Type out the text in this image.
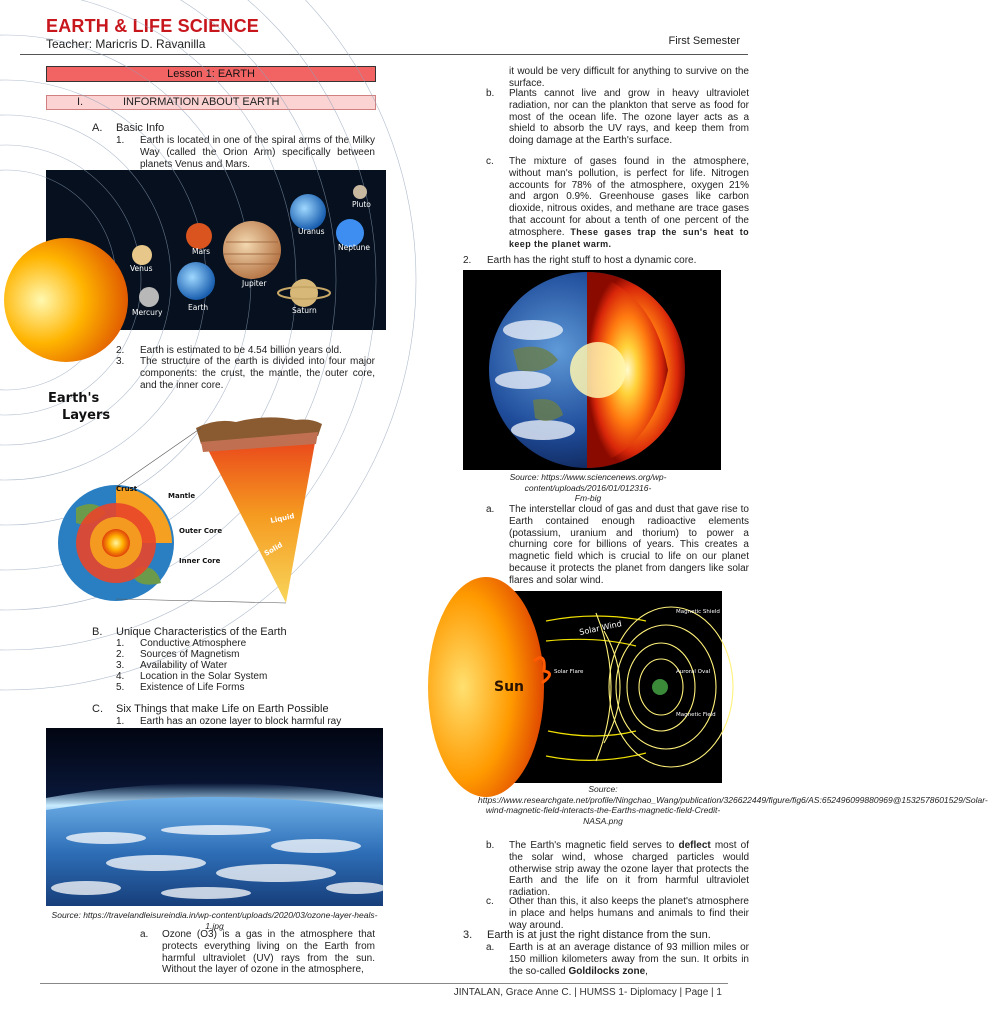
EARTH & LIFE SCIENCE
Teacher: Maricris D. Ravanilla	First Semester
Lesson 1: EARTH
I.	INFORMATION ABOUT EARTH
A. Basic Info
1. Earth is located in one of the spiral arms of the Milky Way (called the Orion Arm) specifically between planets Venus and Mars.
Pluto
Uranus
Neptune
Mars
Venus
Jupiter
Earth
Mercury	Saturn
2. Earth is estimated to be 4.54 billion years old.
3. The structure of the earth is divided into four major components: the crust, the mantle, the outer core, and the inner core.
Earth's
Layers
Crust
Mantle
Outer Core
Inner Core
Liquid
Solid
B. Unique Characteristics of the Earth
1. Conductive Atmosphere
2. Sources of Magnetism
3. Availability of Water
4. Location in the Solar System
5. Existence of Life Forms
C. Six Things that make Life on Earth Possible
1. Earth has an ozone layer to block harmful ray
Source: https://travelandleisureindia.in/wp-content/uploads/2020/03/ozone-layer-heals-1.jpg
a. Ozone (O3) is a gas in the atmosphere that protects everything living on the Earth from harmful ultraviolet (UV) rays from the sun. Without the layer of ozone in the atmosphere,
it would be very difficult for anything to survive on the surface.
b. Plants cannot live and grow in heavy ultraviolet radiation, nor can the plankton that serve as food for most of the ocean life. The ozone layer acts as a shield to absorb the UV rays, and keep them from doing damage at the Earth's surface.
c. The mixture of gases found in the atmosphere, without man's pollution, is perfect for life. Nitrogen accounts for 78% of the atmosphere, oxygen 21% and argon 0.9%. Greenhouse gases like carbon dioxide, nitrous oxides, and methane are trace gases that account for about a tenth of one percent of the atmosphere. These gases trap the sun's heat to keep the planet warm.
2. Earth has the right stuff to host a dynamic core.
Source: https://www.sciencenews.org/wp-content/uploads/2016/01/012316-
Fm-big
a. The interstellar cloud of gas and dust that gave rise to Earth contained enough radioactive elements (potassium, uranium and thorium) to power a churning core for billions of years. This creates a magnetic field which is crucial to life on our planet because it protects the planet from dangers like solar flares and solar wind.
Sun
Solar Wind
Magnetic Shield
Solar Flare	Auroral Oval
Magnetic Field
Source: https://www.researchgate.net/profile/Ningchao_Wang/publication/326622449/figure/fig6/AS:652496099880969@1532578601529/Solar-wind-magnetic-field-interacts-the-Earths-magnetic-field-Credit-NASA.png
b. The Earth's magnetic field serves to deflect most of the solar wind, whose charged particles would otherwise strip away the ozone layer that protects the Earth and the life on it from harmful ultraviolet radiation.
c. Other than this, it also keeps the planet's atmosphere in place and helps humans and animals to find their way around.
3. Earth is at just the right distance from the sun.
a. Earth is at an average distance of 93 million miles or 150 million kilometers away from the sun. It orbits in the so-called Goldilocks zone,
JINTALAN, Grace Anne C. | HUMSS 1- Diplomacy | Page | 1
